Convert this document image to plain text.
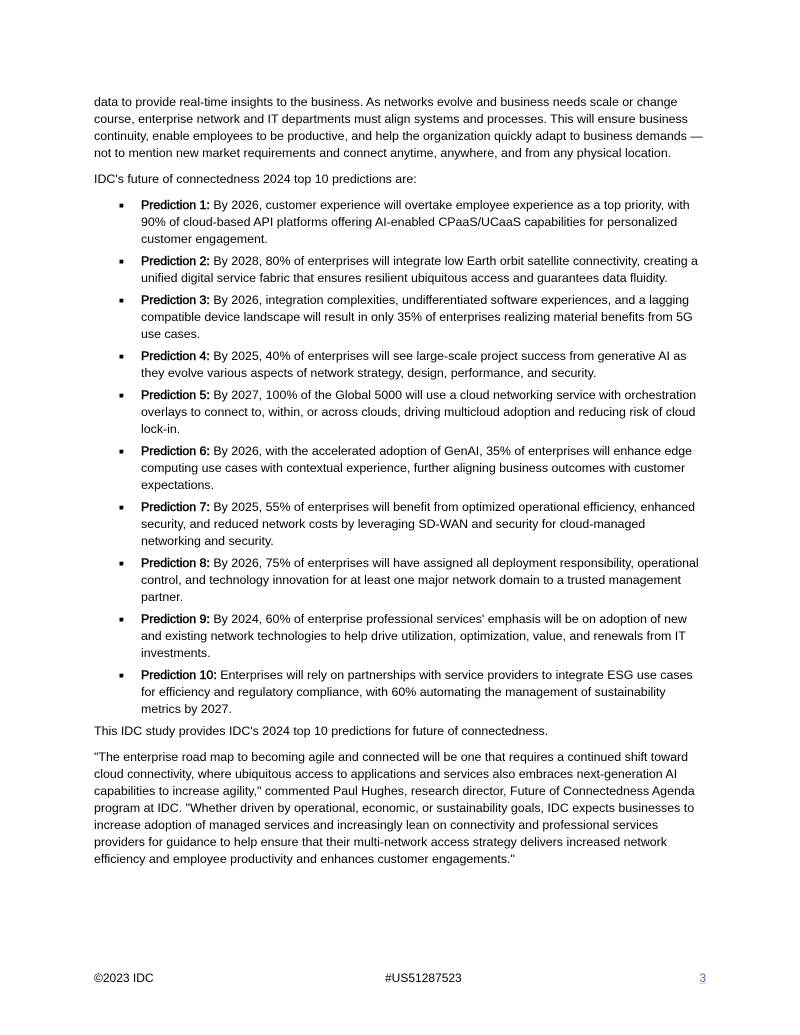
data to provide real-time insights to the business. As networks evolve and business needs scale or change course, enterprise network and IT departments must align systems and processes. This will ensure business continuity, enable employees to be productive, and help the organization quickly adapt to business demands — not to mention new market requirements and connect anytime, anywhere, and from any physical location.

IDC's future of connectedness 2024 top 10 predictions are:

■ Prediction 1: By 2026, customer experience will overtake employee experience as a top priority, with 90% of cloud-based API platforms offering AI-enabled CPaaS/UCaaS capabilities for personalized customer engagement.
■ Prediction 2: By 2028, 80% of enterprises will integrate low Earth orbit satellite connectivity, creating a unified digital service fabric that ensures resilient ubiquitous access and guarantees data fluidity.
■ Prediction 3: By 2026, integration complexities, undifferentiated software experiences, and a lagging compatible device landscape will result in only 35% of enterprises realizing material benefits from 5G use cases.
■ Prediction 4: By 2025, 40% of enterprises will see large-scale project success from generative AI as they evolve various aspects of network strategy, design, performance, and security.
■ Prediction 5: By 2027, 100% of the Global 5000 will use a cloud networking service with orchestration overlays to connect to, within, or across clouds, driving multicloud adoption and reducing risk of cloud lock-in.
■ Prediction 6: By 2026, with the accelerated adoption of GenAI, 35% of enterprises will enhance edge computing use cases with contextual experience, further aligning business outcomes with customer expectations.
■ Prediction 7: By 2025, 55% of enterprises will benefit from optimized operational efficiency, enhanced security, and reduced network costs by leveraging SD-WAN and security for cloud-managed networking and security.
■ Prediction 8: By 2026, 75% of enterprises will have assigned all deployment responsibility, operational control, and technology innovation for at least one major network domain to a trusted management partner.
■ Prediction 9: By 2024, 60% of enterprise professional services' emphasis will be on adoption of new and existing network technologies to help drive utilization, optimization, value, and renewals from IT investments.
■ Prediction 10: Enterprises will rely on partnerships with service providers to integrate ESG use cases for efficiency and regulatory compliance, with 60% automating the management of sustainability metrics by 2027.

This IDC study provides IDC's 2024 top 10 predictions for future of connectedness.

"The enterprise road map to becoming agile and connected will be one that requires a continued shift toward cloud connectivity, where ubiquitous access to applications and services also embraces next-generation AI capabilities to increase agility," commented Paul Hughes, research director, Future of Connectedness Agenda program at IDC. "Whether driven by operational, economic, or sustainability goals, IDC expects businesses to increase adoption of managed services and increasingly lean on connectivity and professional services providers for guidance to help ensure that their multi-network access strategy delivers increased network efficiency and employee productivity and enhances customer engagements."

©2023 IDC	#US51287523	3
